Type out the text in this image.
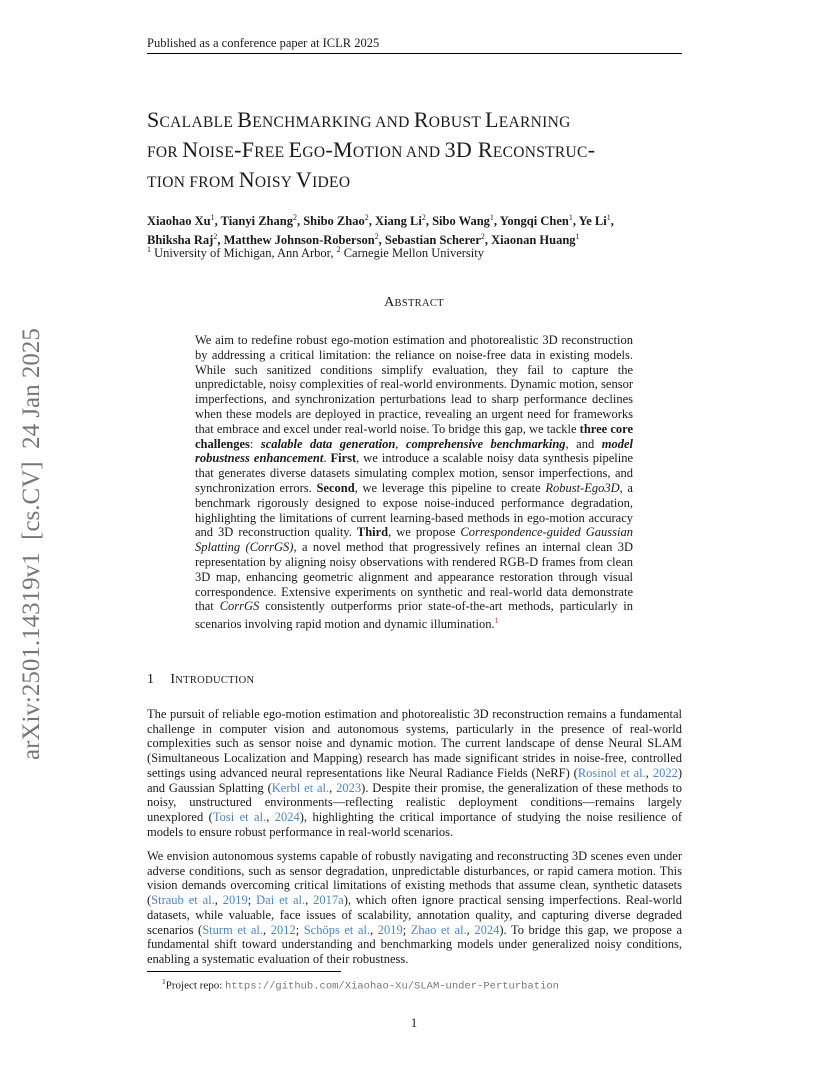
Published as a conference paper at ICLR 2025
SCALABLE BENCHMARKING AND ROBUST LEARNING
FOR NOISE-FREE EGO-MOTION AND 3D RECONSTRUC-
TION FROM NOISY VIDEO
Xiaohao Xu$^1$, Tianyi Zhang$^2$, Shibo Zhao$^2$, Xiang Li$^2$, Sibo Wang$^1$, Yongqi Chen$^1$, Ye Li$^1$,
Bhiksha Raj$^2$, Matthew Johnson-Roberson$^2$, Sebastian Scherer$^2$, Xiaonan Huang$^1$
$^1$ University of Michigan, Ann Arbor, $^2$ Carnegie Mellon University
arXiv:2501.14319v1  [cs.CV]  24 Jan 2025
ABSTRACT
We aim to redefine robust ego-motion estimation and photorealistic 3D reconstruction by addressing a critical limitation: the reliance on noise-free data in existing models. While such sanitized conditions simplify evaluation, they fail to capture the unpredictable, noisy complexities of real-world environments. Dynamic motion, sensor imperfections, and synchronization perturbations lead to sharp performance declines when these models are deployed in practice, revealing an urgent need for frameworks that embrace and excel under real-world noise. To bridge this gap, we tackle three core challenges: scalable data generation, comprehensive benchmarking, and model robustness enhancement. First, we introduce a scalable noisy data synthesis pipeline that generates diverse datasets simulating complex motion, sensor imperfections, and synchronization errors. Second, we leverage this pipeline to create Robust-Ego3D, a benchmark rigorously designed to expose noise-induced performance degradation, highlighting the limitations of current learning-based methods in ego-motion accuracy and 3D reconstruction quality. Third, we propose Correspondence-guided Gaussian Splatting (CorrGS), a novel method that progressively refines an internal clean 3D representation by aligning noisy observations with rendered RGB-D frames from clean 3D map, enhancing geometric alignment and appearance restoration through visual correspondence. Extensive experiments on synthetic and real-world data demonstrate that CorrGS consistently outperforms prior state-of-the-art methods, particularly in scenarios involving rapid motion and dynamic illumination.$^1$
1 INTRODUCTION
The pursuit of reliable ego-motion estimation and photorealistic 3D reconstruction remains a fundamental challenge in computer vision and autonomous systems, particularly in the presence of real-world complexities such as sensor noise and dynamic motion. The current landscape of dense Neural SLAM (Simultaneous Localization and Mapping) research has made significant strides in noise-free, controlled settings using advanced neural representations like Neural Radiance Fields (NeRF) (Rosinol et al., 2022) and Gaussian Splatting (Kerbl et al., 2023). Despite their promise, the generalization of these methods to noisy, unstructured environments—reflecting realistic deployment conditions—remains largely unexplored (Tosi et al., 2024), highlighting the critical importance of studying the noise resilience of models to ensure robust performance in real-world scenarios.
We envision autonomous systems capable of robustly navigating and reconstructing 3D scenes even under adverse conditions, such as sensor degradation, unpredictable disturbances, or rapid camera motion. This vision demands overcoming critical limitations of existing methods that assume clean, synthetic datasets (Straub et al., 2019; Dai et al., 2017a), which often ignore practical sensing imperfections. Real-world datasets, while valuable, face issues of scalability, annotation quality, and capturing diverse degraded scenarios (Sturm et al., 2012; Schöps et al., 2019; Zhao et al., 2024). To bridge this gap, we propose a fundamental shift toward understanding and benchmarking models under generalized noisy conditions, enabling a systematic evaluation of their robustness.
$^1$Project repo: https://github.com/Xiaohao-Xu/SLAM-under-Perturbation
1
